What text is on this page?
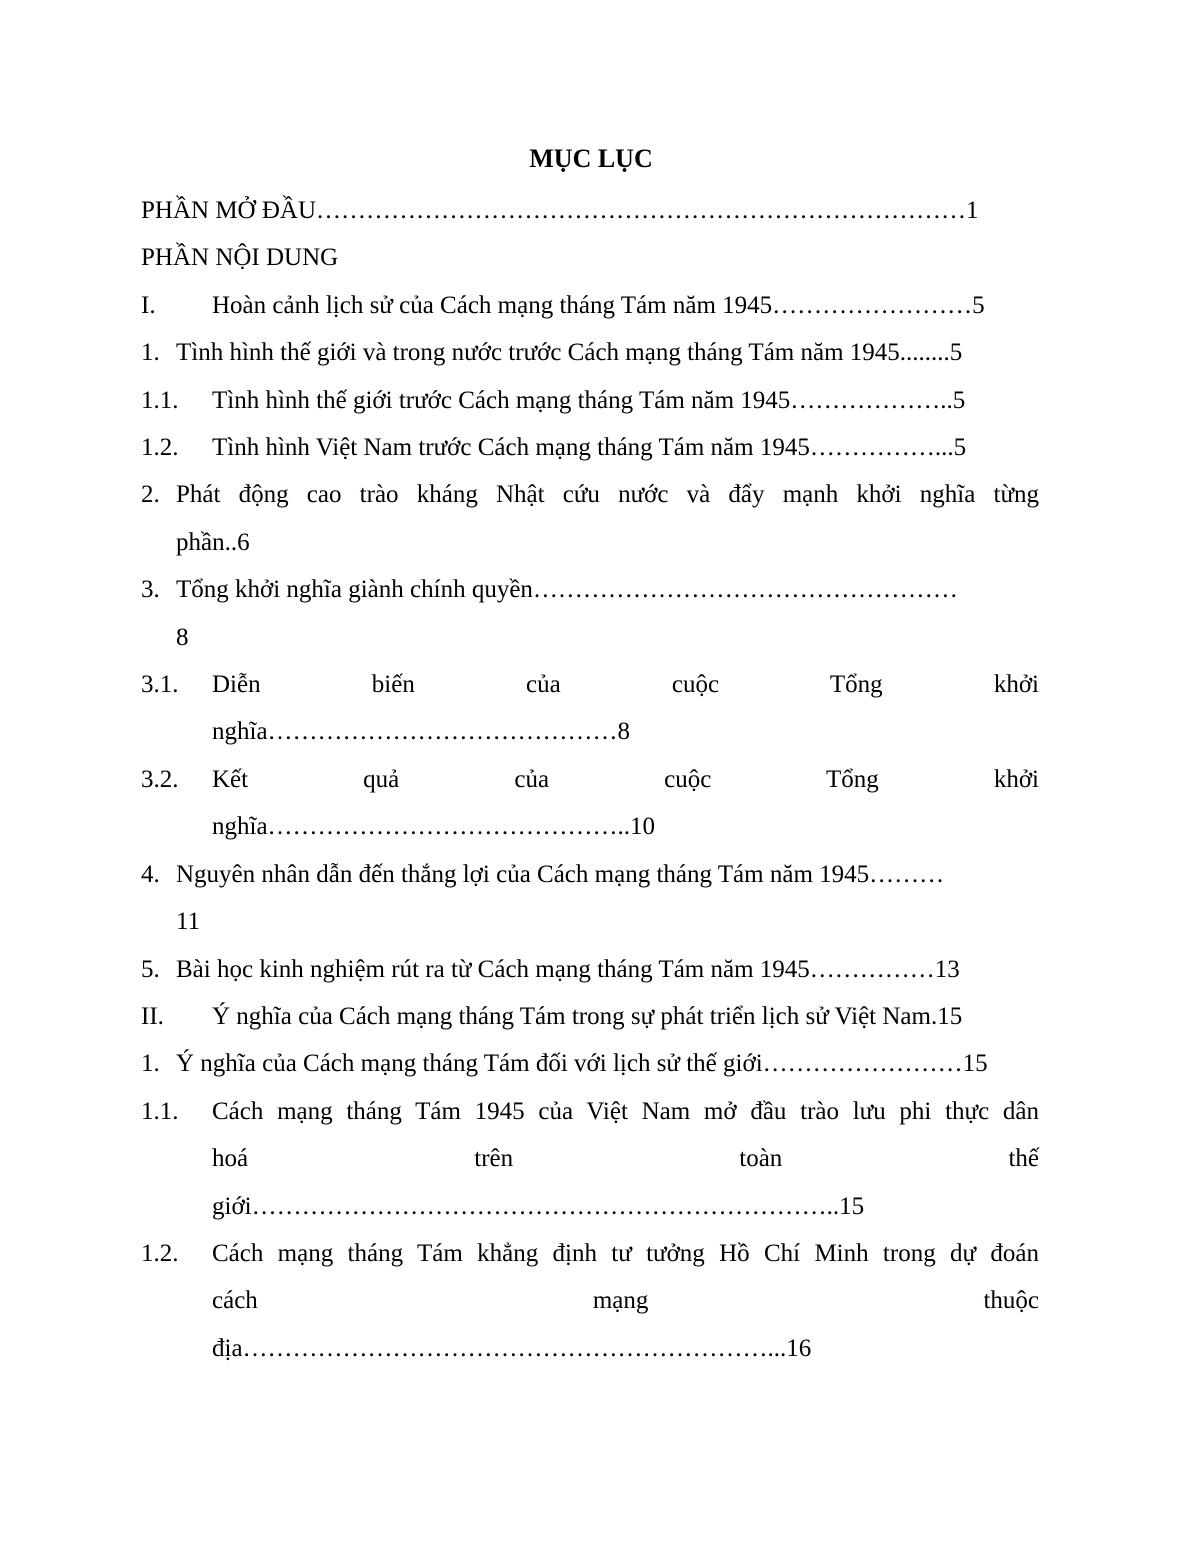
MỤC LỤC
PHẦN MỞ ĐẦU……………………………………………………………………1
PHẦN NỘI DUNG
I.	Hoàn cảnh lịch sử của Cách mạng tháng Tám năm 1945……………………5
1. Tình hình thế giới và trong nước trước Cách mạng tháng Tám năm 1945........5
1.1.	Tình hình thế giới trước Cách mạng tháng Tám năm 1945………………..5
1.2.	Tình hình Việt Nam trước Cách mạng tháng Tám năm 1945……………...5
2. Phát động cao trào kháng Nhật cứu nước và đẩy mạnh khởi nghĩa từng
phần..6
3. Tổng khởi nghĩa giành chính quyền……………………………………………
8
3.1. Diễn biến của cuộc Tổng khởi
nghĩa……………………………………8
3.2. Kết quả của cuộc Tổng khởi
nghĩa……………………………………..10
4. Nguyên nhân dẫn đến thắng lợi của Cách mạng tháng Tám năm 1945………
11
5. Bài học kinh nghiệm rút ra từ Cách mạng tháng Tám năm 1945……………13
II.	Ý nghĩa của Cách mạng tháng Tám trong sự phát triển lịch sử Việt Nam.15
1. Ý nghĩa của Cách mạng tháng Tám đối với lịch sử thế giới……………………15
1.1. Cách mạng tháng Tám 1945 của Việt Nam mở đầu trào lưu phi thực dân
hoá trên toàn thế
giới……………………………………………………………..15
1.2. Cách mạng tháng Tám khẳng định tư tưởng Hồ Chí Minh trong dự đoán
cách mạng thuộc
địa………………………………………………………...16
